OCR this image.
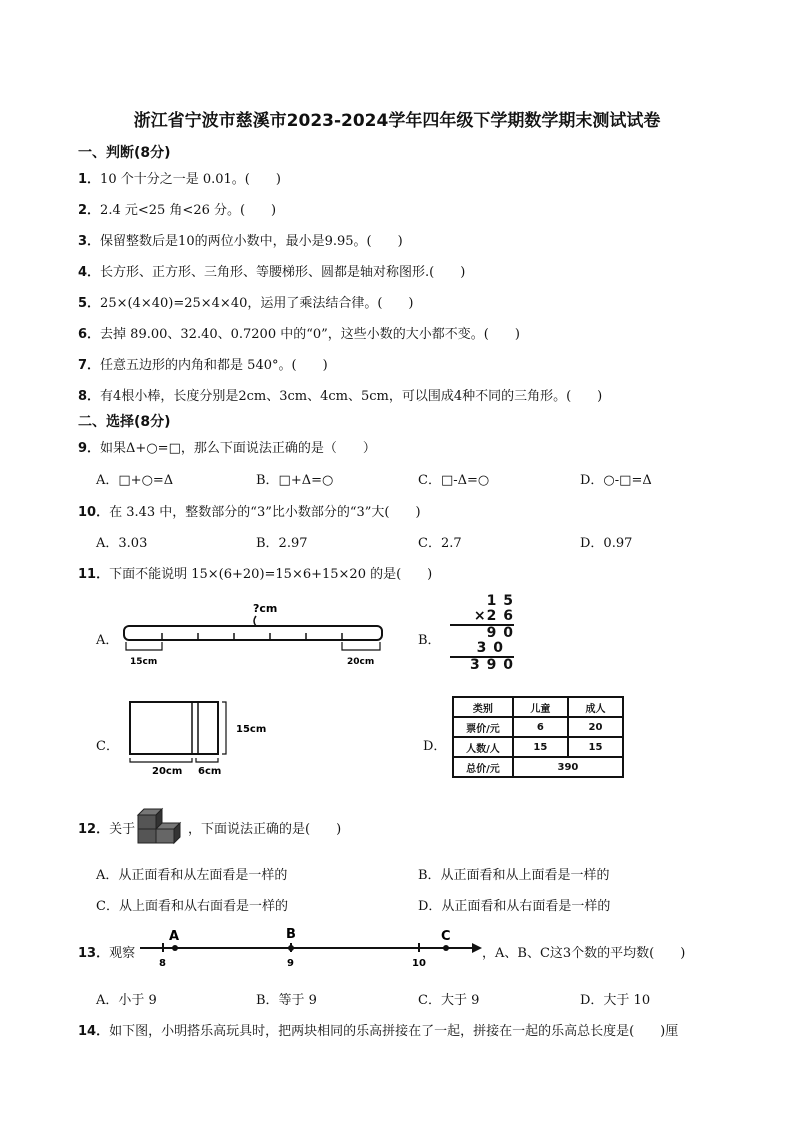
浙江省宁波市慈溪市2023-2024学年四年级下学期数学期末测试试卷
一、判断(8分)
1．10 个十分之一是 0.01。(　　)
2．2.4 元<25 角<26 分。(　　)
3．保留整数后是10的两位小数中，最小是9.95。(　　)
4．长方形、正方形、三角形、等腰梯形、圆都是轴对称图形.(　　)
5．25×(4×40)=25×4×40，运用了乘法结合律。(　　)
6．去掉 89.00、32.40、0.7200 中的“0”，这些小数的大小都不变。(　　)
7．任意五边形的内角和都是 540°。(　　)
8．有4根小棒，长度分别是2cm、3cm、4cm、5cm，可以围成4种不同的三角形。(　　)
二、选择(8分)
9．如果Δ+○=□，那么下面说法正确的是（　　）
A．□+○=Δ	B．□+Δ=○	C．□-Δ=○	D．○-□=Δ
10．在 3.43 中，整数部分的“3”比小数部分的“3”大(　　)
A．3.03	B．2.97	C．2.7	D．0.97
11．下面不能说明 15×(6+20)=15×6+15×20 的是(　　)
A．
?cm
15cm	20cm
B．
1 5
×2 6
9 0
3 0
3 9 0
C．
15cm
20cm 6cm
D．
类别	儿童	成人
票价/元	6	20
人数/人	15	15
总价/元	390	
12．关于	，下面说法正确的是(　　)
A．从正面看和从左面看是一样的	B．从正面看和从上面看是一样的
C．从上面看和从右面看是一样的	D．从正面看和从右面看是一样的
13．观察
A	B	C
8	9	10
，A、B、C这3个数的平均数(　　)
A．小于 9	B．等于 9	C．大于 9	D．大于 10
14．如下图，小明搭乐高玩具时，把两块相同的乐高拼接在了一起，拼接在一起的乐高总长度是(　　)厘
